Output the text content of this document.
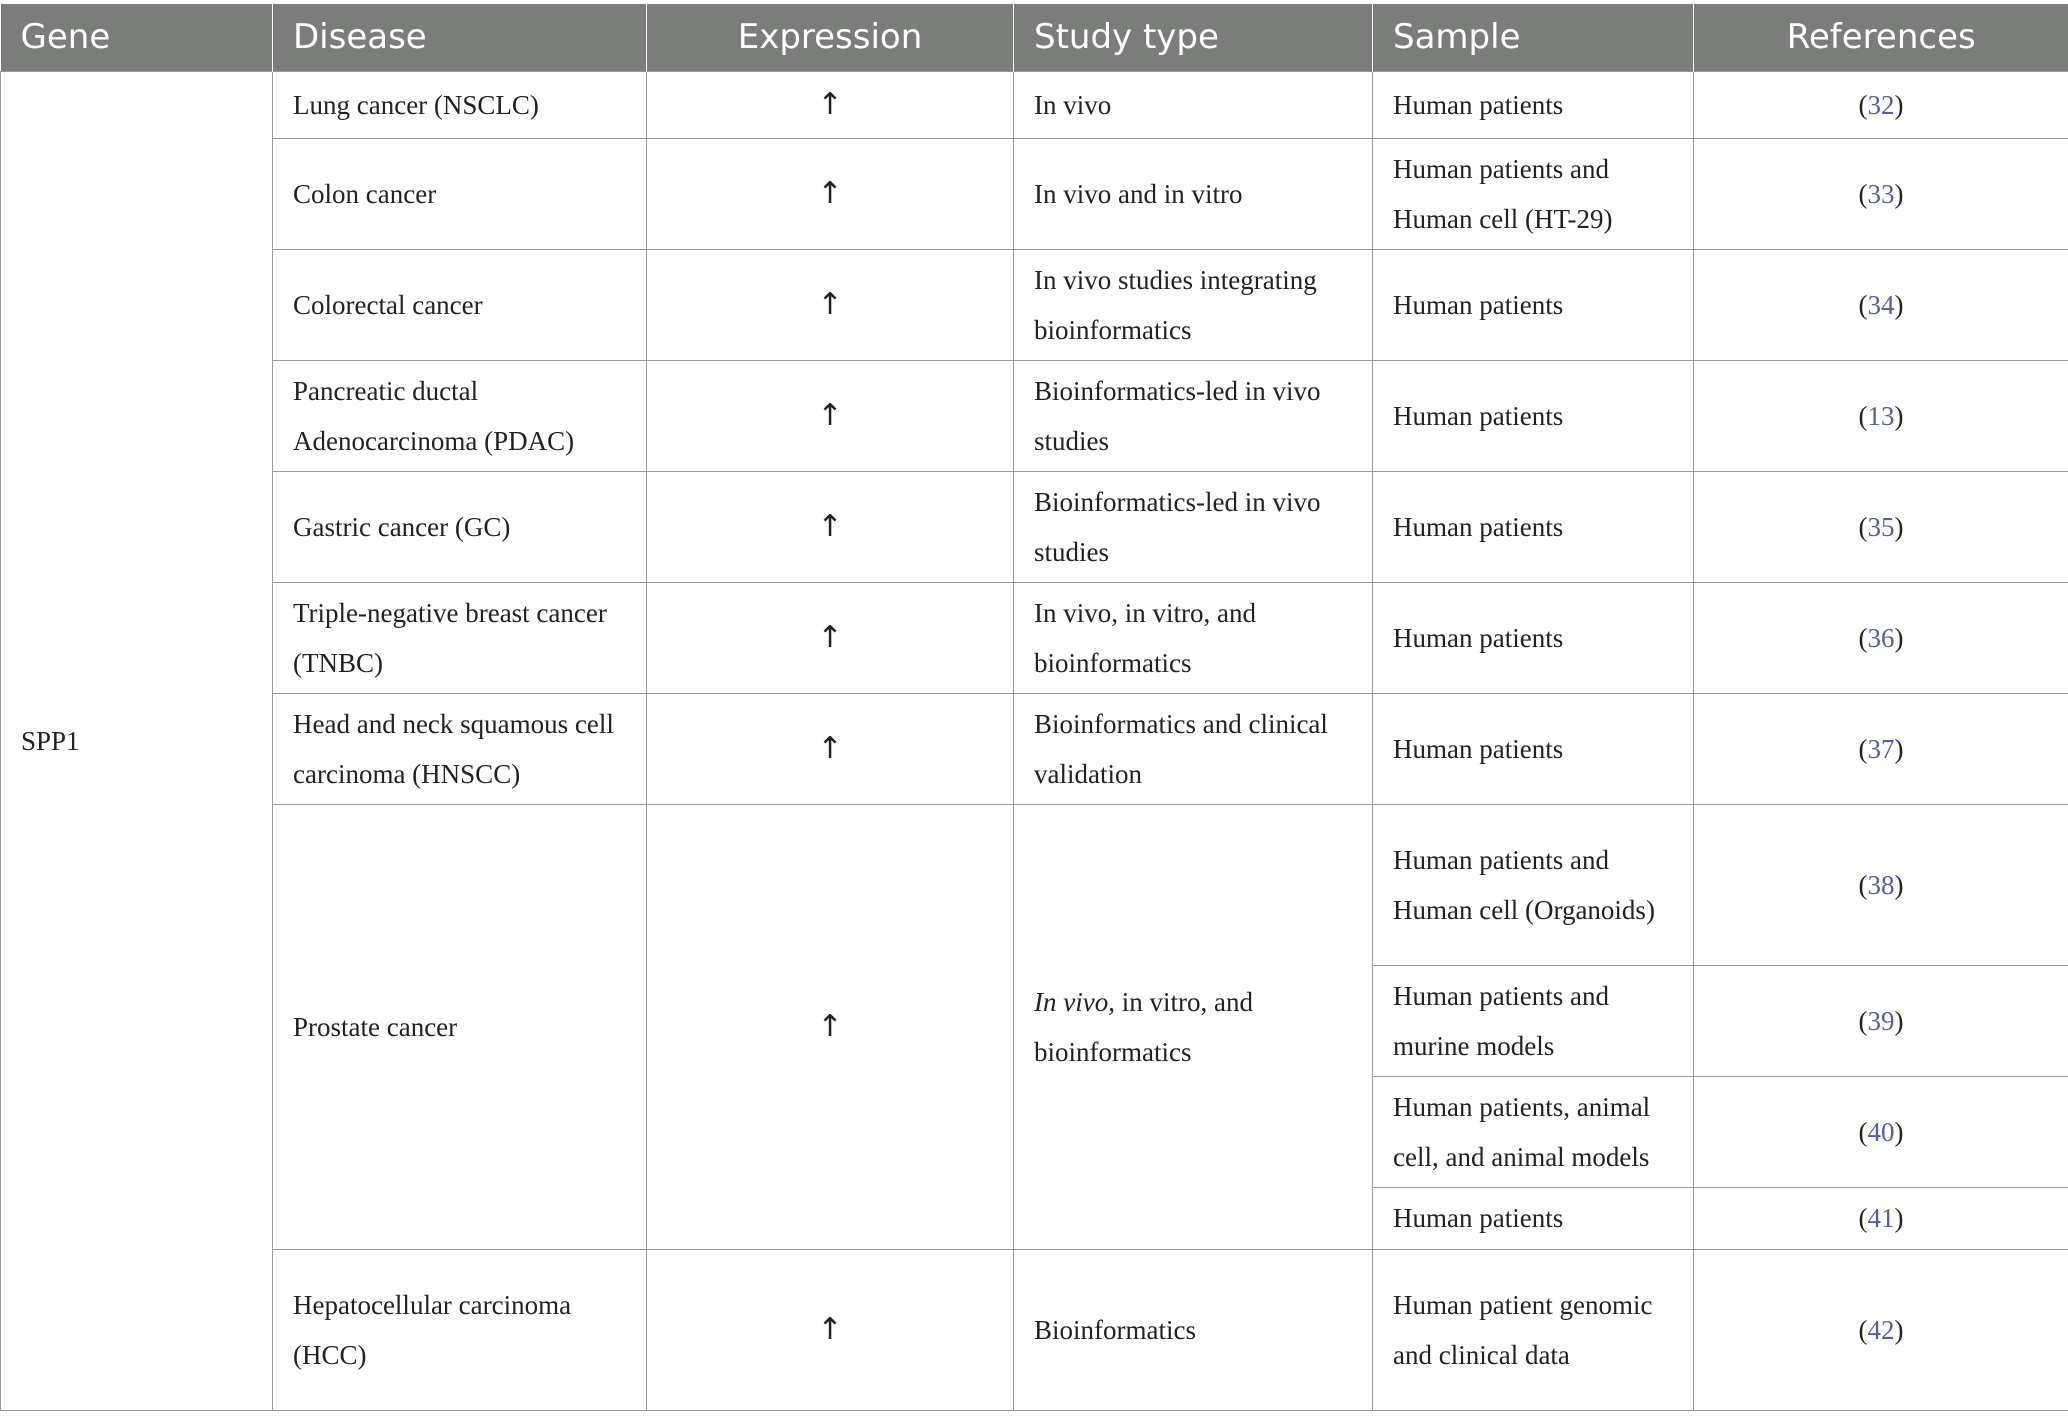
Gene	Disease	Expression	Study type	Sample	References
SPP1	Lung cancer (NSCLC)	↑	In vivo	Human patients	(32)
	Colon cancer	↑	In vivo and in vitro	Human patients and Human cell (HT-29)	(33)
	Colorectal cancer	↑	In vivo studies integrating bioinformatics	Human patients	(34)
	Pancreatic ductal Adenocarcinoma (PDAC)	↑	Bioinformatics-led in vivo studies	Human patients	(13)
	Gastric cancer (GC)	↑	Bioinformatics-led in vivo studies	Human patients	(35)
	Triple-negative breast cancer (TNBC)	↑	In vivo, in vitro, and bioinformatics	Human patients	(36)
	Head and neck squamous cell carcinoma (HNSCC)	↑	Bioinformatics and clinical validation	Human patients	(37)
	Prostate cancer	↑	In vivo, in vitro, and bioinformatics	Human patients and Human cell (Organoids)	(38)
				Human patients and murine models	(39)
				Human patients, animal cell, and animal models	(40)
				Human patients	(41)
	Hepatocellular carcinoma (HCC)	↑	Bioinformatics	Human patient genomic and clinical data	(42)
